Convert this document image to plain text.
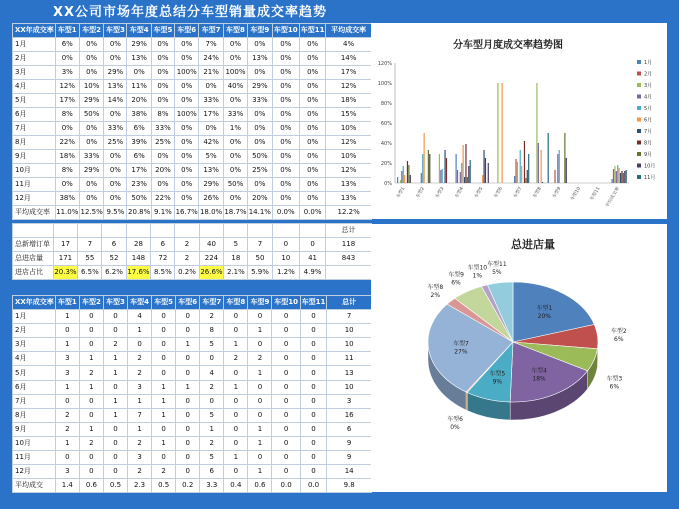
XX公司市场年度总结分车型销量成交率趋势
XX年成交率	车型1	车型2	车型3	车型4	车型5	车型6	车型7	车型8	车型9	车型10	车型11	平均成交率
1月	6%	0%	0%	29%	0%	0%	7%	0%	0%	0%	0%	4%
2月	0%	0%	0%	13%	0%	0%	24%	0%	13%	0%	0%	14%
3月	3%	0%	29%	0%	0%	100%	21%	100%	0%	0%	0%	17%
4月	12%	10%	13%	11%	0%	0%	0%	40%	29%	0%	0%	12%
5月	17%	29%	14%	20%	0%	0%	33%	0%	33%	0%	0%	18%
6月	8%	50%	0%	38%	8%	100%	17%	33%	0%	0%	0%	15%
7月	0%	0%	33%	6%	33%	0%	0%	1%	0%	0%	0%	10%
8月	22%	0%	25%	39%	25%	0%	42%	0%	0%	0%	0%	12%
9月	18%	33%	0%	6%	0%	0%	5%	0%	50%	0%	0%	10%
10月	8%	29%	0%	17%	20%	0%	13%	0%	25%	0%	0%	12%
11月	0%	0%	0%	23%	0%	0%	29%	50%	0%	0%	0%	13%
12月	38%	0%	0%	50%	22%	0%	26%	0%	20%	0%	0%	13%
平均成交率	11.0%	12.5%	9.5%	20.8%	9.1%	16.7%	18.0%	18.7%	14.1%	0.0%	0.0%	12.2%
												总计
总新增订单	17	7	6	28	6	2	40	5	7	0	0	118
总进店量	171	55	52	148	72	2	224	18	50	10	41	843
进店占比	20.3%	6.5%	6.2%	17.6%	8.5%	0.2%	26.6%	2.1%	5.9%	1.2%	4.9%	
XX年成交率	车型1	车型2	车型3	车型4	车型5	车型6	车型7	车型8	车型9	车型10	车型11	总计
1月	1	0	0	4	0	0	2	0	0	0	0	7
2月	0	0	0	1	0	0	8	0	1	0	0	10
3月	1	0	2	0	0	1	5	1	0	0	0	10
4月	3	1	1	2	0	0	0	2	2	0	0	11
5月	3	2	1	2	0	0	4	0	1	0	0	13
6月	1	1	0	3	1	1	2	1	0	0	0	10
7月	0	0	1	1	1	0	0	0	0	0	0	3
8月	2	0	1	7	1	0	5	0	0	0	0	16
9月	2	1	0	1	0	0	1	0	1	0	0	6
10月	1	2	0	2	1	0	2	0	1	0	0	9
11月	0	0	0	3	0	0	5	1	0	0	0	9
12月	3	0	0	2	2	0	6	0	1	0	0	14
平均成交	1.4	0.6	0.5	2.3	0.5	0.2	3.3	0.4	0.6	0.0	0.0	9.8
分车型月度成交率趋势图
0%
20%
40%
60%
80%
100%
120%
车型1	车型2	车型3	车型4	车型5	车型6	车型7	车型8	车型9	车型10	车型11 平均成交率
1月
2月
3月
4月
5月
6月
7月
8月
9月
10月
11月
总进店量
车型1
20%
车型2
6%
车型3
6%
车型4
18%
车型5
9%
车型6
0%
车型7
27%
车型8
2%
车型9
6%
车型10
1%
车型11
5%
